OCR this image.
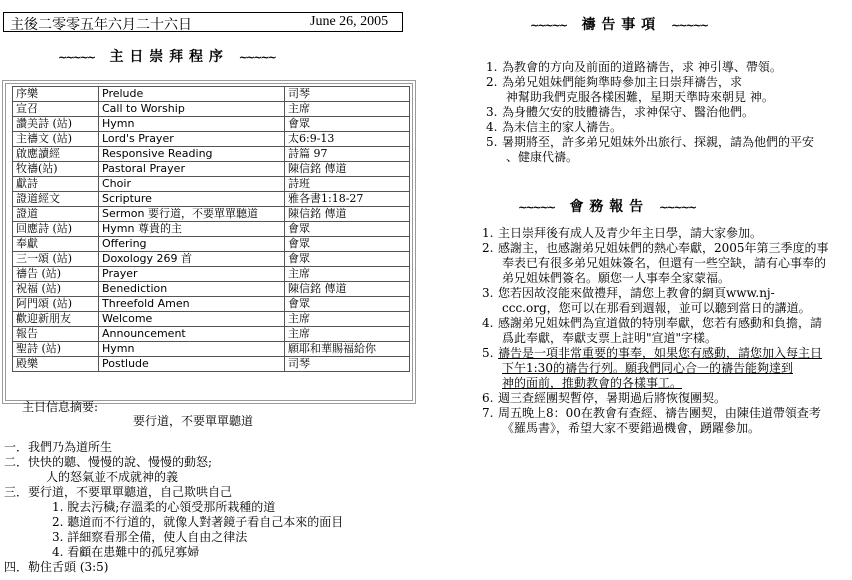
主後二零零五年六月二十六日	June 26, 2005
~~~~~ 主 日 崇 拜 程 序 ~~~~~
序樂	Prelude	司琴
宣召	Call to Worship	主席
讚美詩 (站)	Hymn	會眾
主禱文 (站)	Lord's Prayer	太6:9-13
啟應讀經	Responsive Reading	詩篇 97
牧禱(站)	Pastoral Prayer	陳信銘 傳道
獻詩	Choir	詩班
證道經文	Scripture	雅各書1:18-27
證道	Sermon 要行道，不要單單聽道	陳信銘 傳道
回應詩 (站)	Hymn 尊貴的主	會眾
奉獻	Offering	會眾
三一頌 (站)	Doxology 269 首	會眾
禱告 (站)	Prayer	主席
祝福 (站)	Benediction	陳信銘 傳道
阿門頌 (站)	Threefold Amen	會眾
歡迎新朋友	Welcome	主席
報告	Announcement	主席
聖詩 (站)	Hymn	願耶和華賜福給你
殿樂	Postlude	司琴
主日信息摘要:
要行道，不要單單聽道
一．我們乃為道所生
二．快快的聽、慢慢的說、慢慢的動怒;
人的怒氣並不成就神的義
三．要行道，不要單單聽道，自己欺哄自己
1. 脫去污穢;存溫柔的心領受那所栽種的道
2. 聽道而不行道的，就像人對著鏡子看自己本來的面目
3. 詳細察看那全備，使人自由之律法
4. 看顧在患難中的孤兒寡婦
四．勒住舌頭 (3:5)
~~~~~ 禱 告 事 項 ~~~~~
1. 為教會的方向及前面的道路禱告，求 神引導、帶領。
2. 為弟兄姐妹們能夠準時參加主日崇拜禱告，求
神幫助我們克服各樣困難，星期天準時來朝見 神。
3. 為身體欠安的肢體禱告，求神保守、醫治他們。
4. 為未信主的家人禱告。
5. 暑期將至，許多弟兄姐妹外出旅行、探親，請為他們的平安
、健康代禱。
~~~~~ 會 務 報 告 ~~~~~
1. 主日崇拜後有成人及青少年主日學，請大家參加。
2. 感謝主，也感謝弟兄姐妹們的熱心奉獻，2005年第三季度的事
奉表已有很多弟兄姐妹簽名，但還有一些空缺，請有心事奉的
弟兄姐妹們簽名。願您一人事奉全家蒙福。
3. 您若因故沒能來做禮拜，請您上教會的網頁www.nj-
ccc.org，您可以在那看到週報，並可以聽到當日的講道。
4. 感謝弟兄姐妹們為宣道做的特別奉獻，您若有感動和負擔，請
爲此奉獻，奉獻支票上註明"宣道"字樣。
5. 禱告是一項非常重要的事奉，如果您有感動，請您加入每主日
下午1:30的禱告行列。願我們同心合一的禱告能夠達到
神的面前，推動教會的各樣事工。
6. 週三查經團契暫停，暑期過后將恢復團契。
7. 周五晚上8：00在教會有查經、禱告團契，由陳佳道帶領查考
《羅馬書》，希望大家不要錯過機會，踴躍參加。
